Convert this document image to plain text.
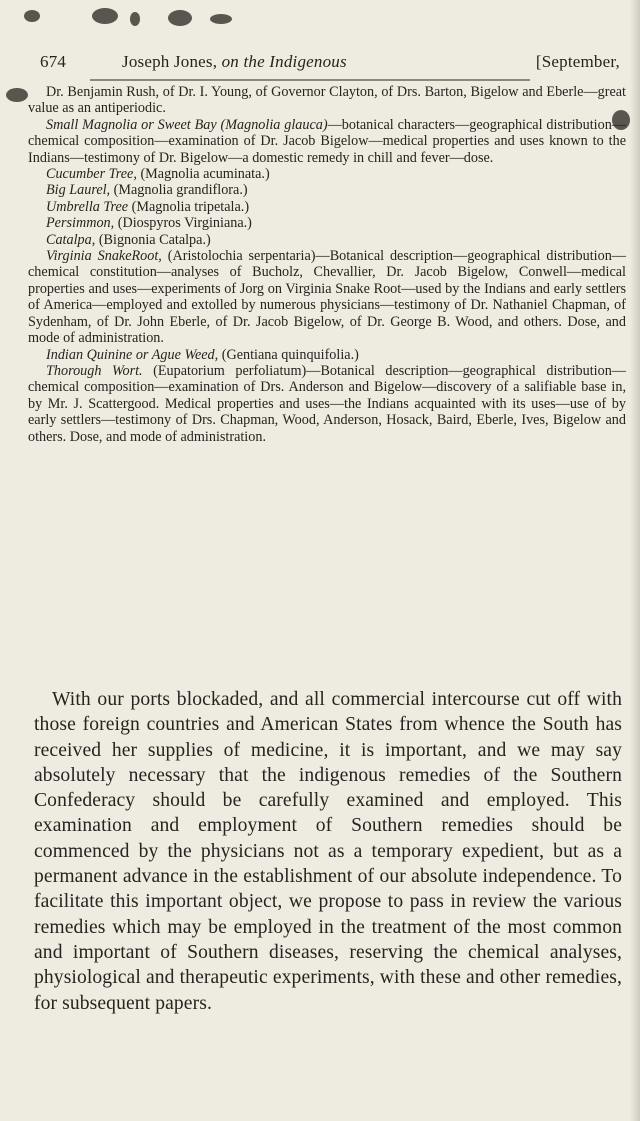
674	Joseph Jones, on the Indigenous	[September,

Dr. Benjamin Rush, of Dr. I. Young, of Governor Clayton, of Drs. Barton, Bigelow and Eberle—great value as an antiperiodic.

Small Magnolia or Sweet Bay (Magnolia glauca)—botanical characters—geographical distribution—chemical composition—examination of Dr. Jacob Bigelow—medical properties and uses known to the Indians—testimony of Dr. Bigelow—a domestic remedy in chill and fever—dose.

Cucumber Tree, (Magnolia acuminata.)

Big Laurel, (Magnolia grandiflora.)

Umbrella Tree (Magnolia tripetala.)

Persimmon, (Diospyros Virginiana.)

Catalpa, (Bignonia Catalpa.)

Virginia SnakeRoot, (Aristolochia serpentaria)—Botanical description—geographical distribution—chemical constitution—analyses of Bucholz, Chevallier, Dr. Jacob Bigelow, Conwell—medical properties and uses—experiments of Jorg on Virginia Snake Root—used by the Indians and early settlers of America—employed and extolled by numerous physicians—testimony of Dr. Nathaniel Chapman, of Sydenham, of Dr. John Eberle, of Dr. Jacob Bigelow, of Dr. George B. Wood, and others. Dose, and mode of administration.

Indian Quinine or Ague Weed, (Gentiana quinquifolia.)

Thorough Wort. (Eupatorium perfoliatum)—Botanical description—geographical distribution—chemical composition—examination of Drs. Anderson and Bigelow—discovery of a salifiable base in, by Mr. J. Scattergood. Medical properties and uses—the Indians acquainted with its uses—use of by early settlers—testimony of Drs. Chapman, Wood, Anderson, Hosack, Baird, Eberle, Ives, Bigelow and others. Dose, and mode of administration.

With our ports blockaded, and all commercial intercourse cut off with those foreign countries and American States from whence the South has received her supplies of medicine, it is important, and we may say absolutely necessary that the indigenous remedies of the Southern Confederacy should be carefully examined and employed. This examination and employment of Southern remedies should be commenced by the physicians not as a temporary expedient, but as a permanent advance in the establishment of our absolute independence. To facilitate this important object, we propose to pass in review the various remedies which may be employed in the treatment of the most common and important of Southern diseases, reserving the chemical analyses, physiological and therapeutic experiments, with these and other remedies, for subsequent papers.
